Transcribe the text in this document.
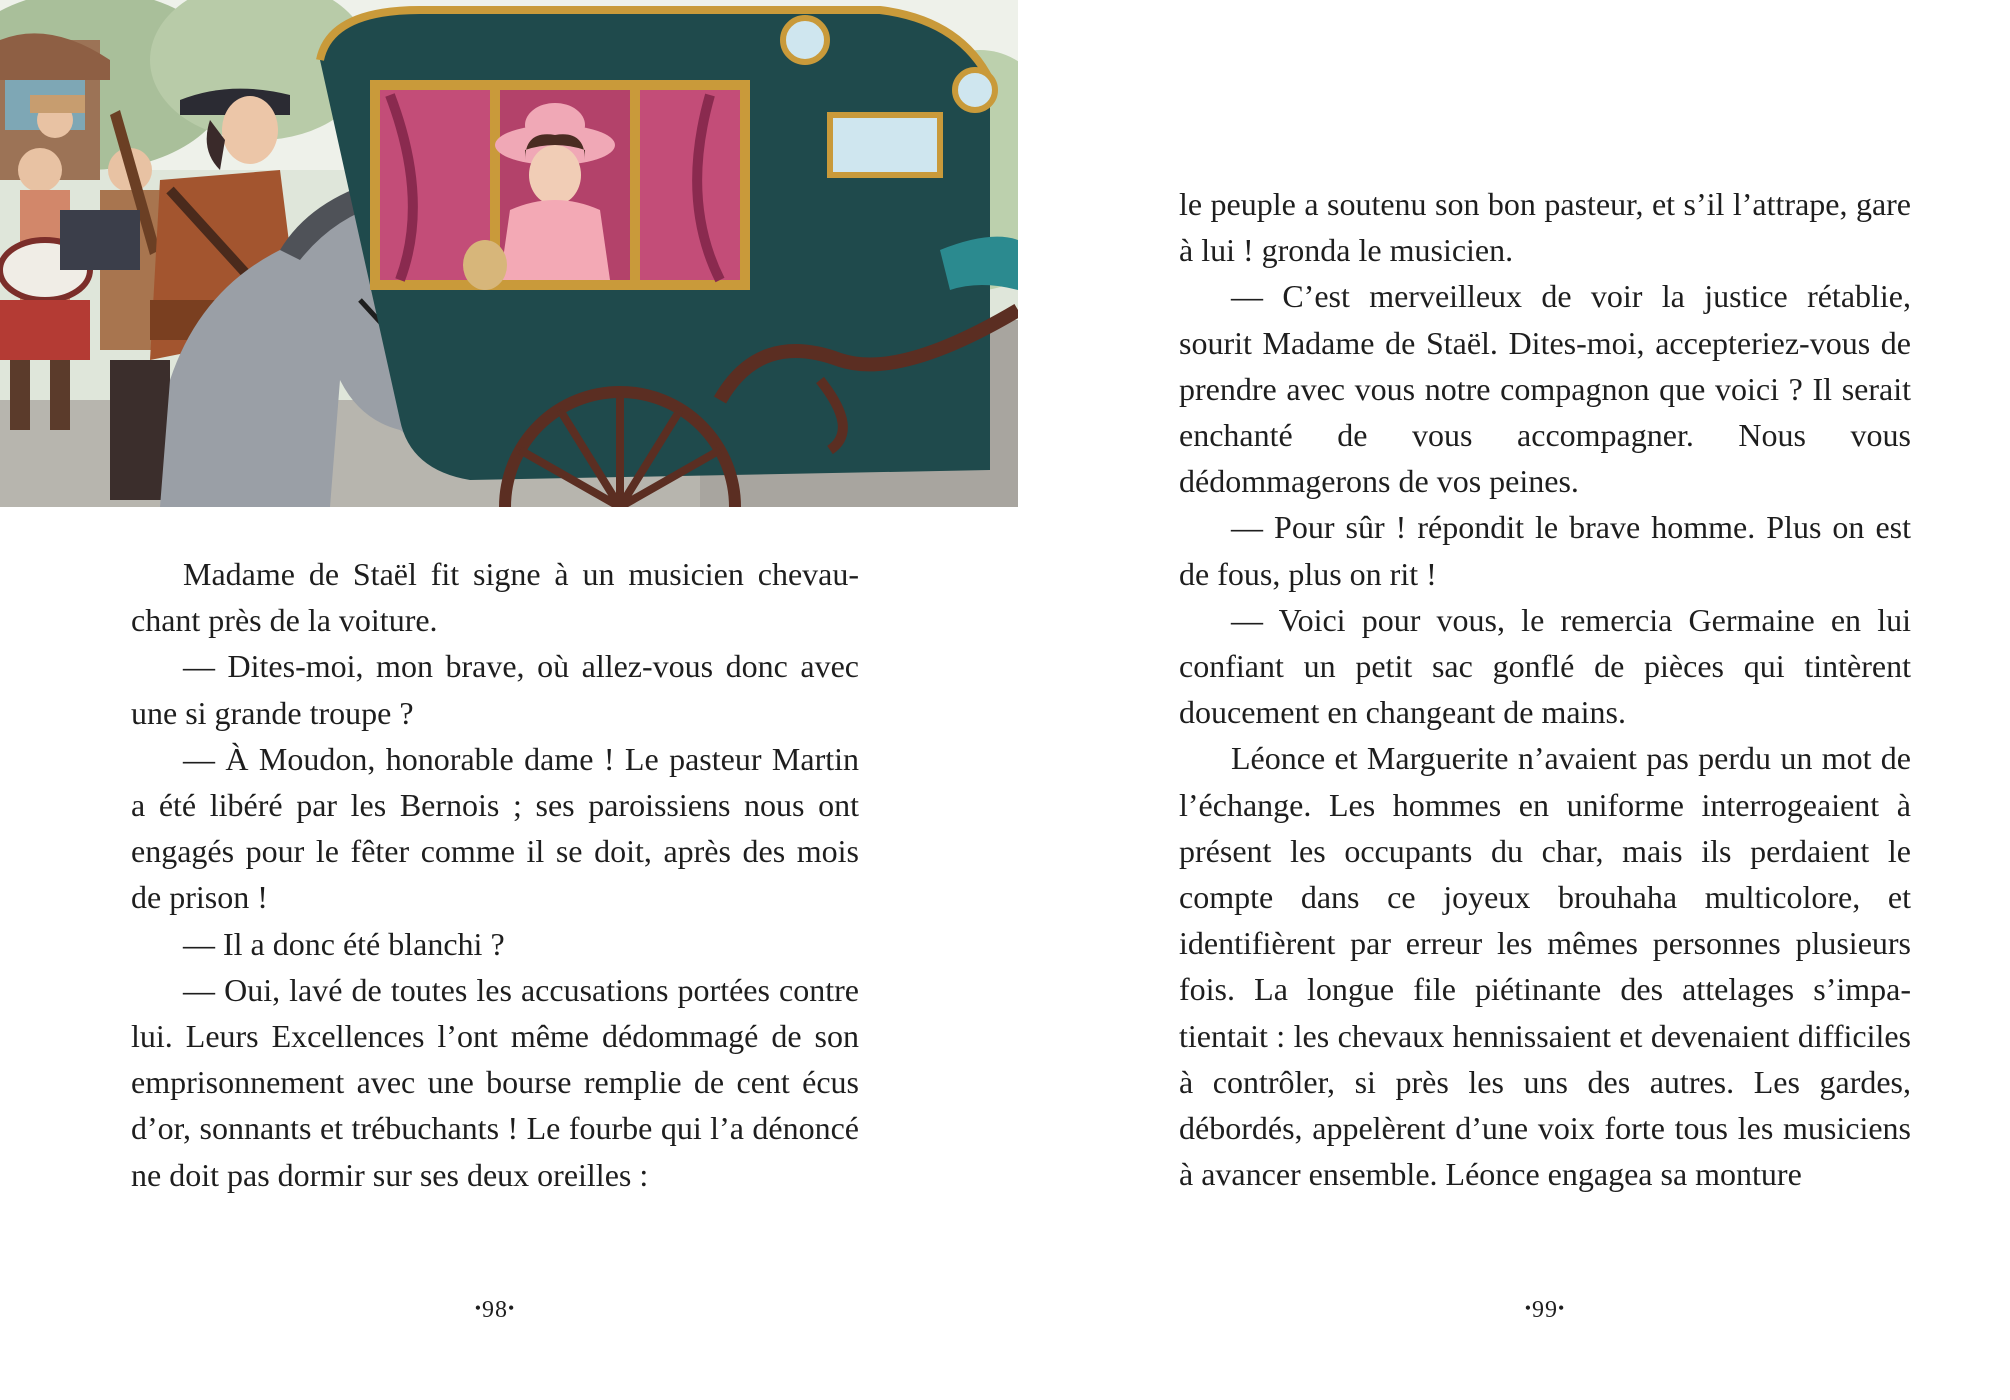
Madame de Staël fit signe à un musicien chevauchant près de la voiture.

— Dites-moi, mon brave, où allez-vous donc avec une si grande troupe ?

— À Moudon, honorable dame ! Le pasteur Martin a été libéré par les Bernois ; ses paroissiens nous ont engagés pour le fêter comme il se doit, après des mois de prison !

— Il a donc été blanchi ?

— Oui, lavé de toutes les accusations portées contre lui. Leurs Excellences l’ont même dédommagé de son emprisonnement avec une bourse remplie de cent écus d’or, sonnants et trébuchants ! Le fourbe qui l’a dénoncé ne doit pas dormir sur ses deux oreilles :

•98•

le peuple a soutenu son bon pasteur, et s’il l’attrape, gare à lui ! gronda le musicien.

— C’est merveilleux de voir la justice rétablie, sourit Madame de Staël. Dites-moi, accepteriez-vous de prendre avec vous notre compagnon que voici ? Il serait enchanté de vous accompagner. Nous vous dédommagerons de vos peines.

— Pour sûr ! répondit le brave homme. Plus on est de fous, plus on rit !

— Voici pour vous, le remercia Germaine en lui confiant un petit sac gonflé de pièces qui tintèrent doucement en changeant de mains.

Léonce et Marguerite n’avaient pas perdu un mot de l’échange. Les hommes en uniforme interrogeaient à présent les occupants du char, mais ils perdaient le compte dans ce joyeux brouhaha multicolore, et identifièrent par erreur les mêmes personnes plusieurs fois. La longue file piétinante des attelages s’impatientait : les chevaux hennissaient et devenaient difficiles à contrôler, si près les uns des autres. Les gardes, débordés, appelèrent d’une voix forte tous les musiciens à avancer ensemble. Léonce engagea sa monture

•99•
